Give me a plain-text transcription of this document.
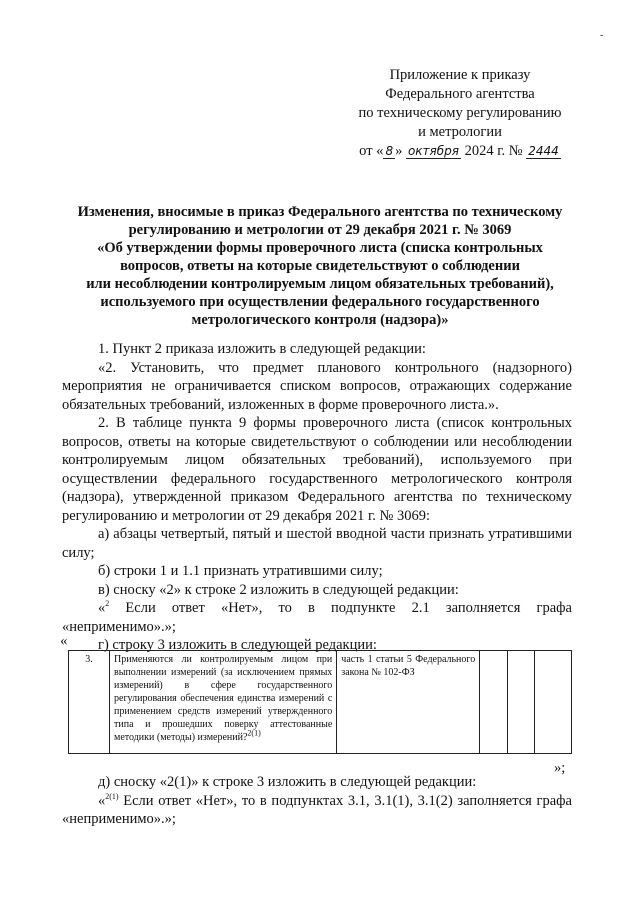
-
Приложение к приказу
Федерального агентства
по техническому регулированию
и метрологии
от « 8 » октября 2024 г. № 2444
Изменения, вносимые в приказ Федерального агентства по техническому
регулированию и метрологии от 29 декабря 2021 г. № 3069
«Об утверждении формы проверочного листа (списка контрольных
вопросов, ответы на которые свидетельствуют о соблюдении
или несоблюдении контролируемым лицом обязательных требований),
используемого при осуществлении федерального государственного
метрологического контроля (надзора)»

1. Пункт 2 приказа изложить в следующей редакции:

«2. Установить, что предмет планового контрольного (надзорного) мероприятия не ограничивается списком вопросов, отражающих содержание обязательных требований, изложенных в форме проверочного листа.».

2. В таблице пункта 9 формы проверочного листа (список контрольных вопросов, ответы на которые свидетельствуют о соблюдении или несоблюдении контролируемым лицом обязательных требований), используемого при осуществлении федерального государственного метрологического контроля (надзора), утвержденной приказом Федерального агентства по техническому регулированию и метрологии от 29 декабря 2021 г. № 3069:

а) абзацы четвертый, пятый и шестой вводной части признать утратившими силу;

б) строки 1 и 1.1 признать утратившими силу;

в) сноску «2» к строке 2 изложить в следующей редакции:

«$^2$ Если ответ «Нет», то в подпункте 2.1 заполняется графа «неприменимо».»;

г) строку 3 изложить в следующей редакции:

«
3.	Применяются ли контролируемым лицом при выполнении измерений (за исключением прямых измерений) в сфере государственного регулирования обеспечения единства измерений с применением средств измерений утвержденного типа и прошедших поверку аттестованные методики (методы) измерений?$^{2(1)}$	часть 1 статьи 5 Федерального закона № 102-ФЗ			
»;

д) сноску «2(1)» к строке 3 изложить в следующей редакции:

«$^{2(1)}$ Если ответ «Нет», то в подпунктах 3.1, 3.1(1), 3.1(2) заполняется графа «неприменимо».»;
